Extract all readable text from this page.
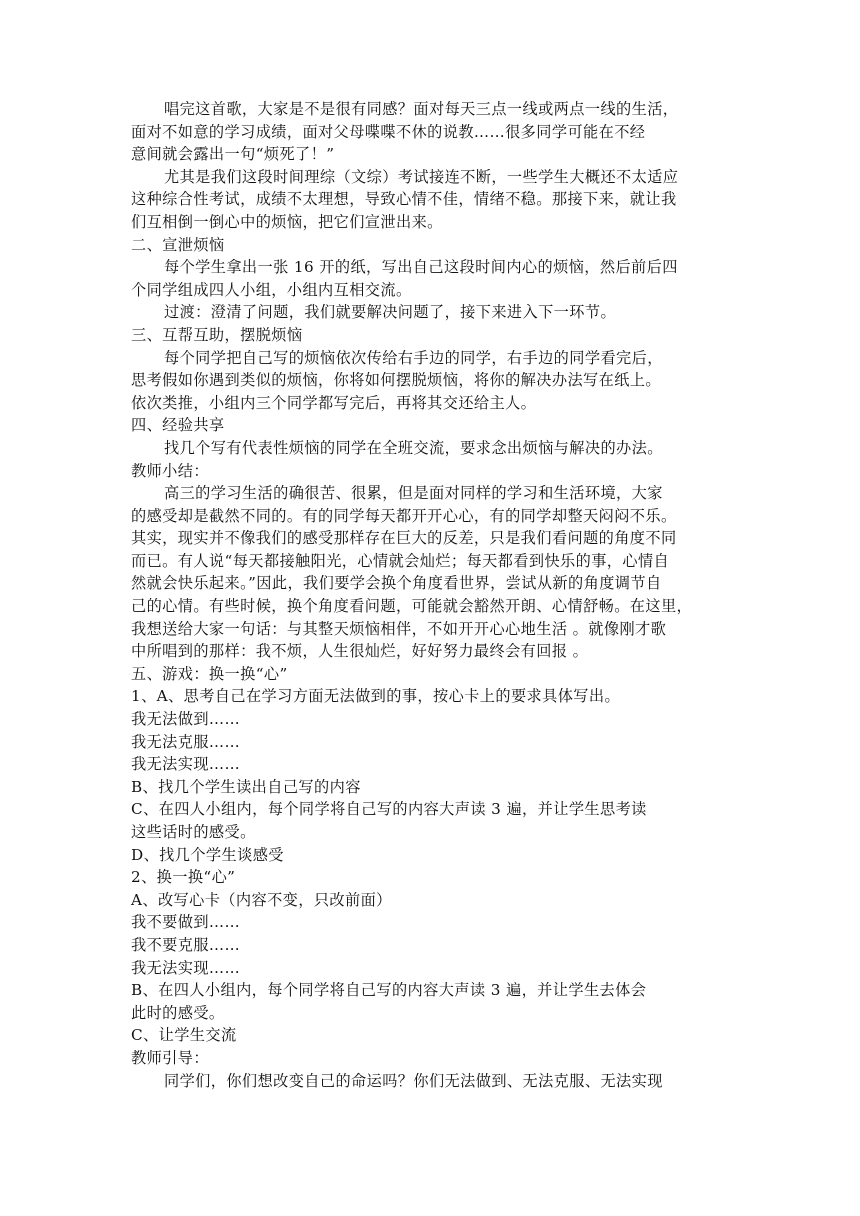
唱完这首歌，大家是不是很有同感？面对每天三点一线或两点一线的生活，
面对不如意的学习成绩，面对父母喋喋不休的说教……很多同学可能在不经
意间就会露出一句“烦死了！”
尤其是我们这段时间理综（文综）考试接连不断，一些学生大概还不太适应
这种综合性考试，成绩不太理想，导致心情不佳，情绪不稳。那接下来，就让我
们互相倒一倒心中的烦恼，把它们宣泄出来。
二、宣泄烦恼
每个学生拿出一张 16 开的纸，写出自己这段时间内心的烦恼，然后前后四
个同学组成四人小组，小组内互相交流。
过渡：澄清了问题，我们就要解决问题了，接下来进入下一环节。
三、互帮互助，摆脱烦恼
每个同学把自己写的烦恼依次传给右手边的同学，右手边的同学看完后，
思考假如你遇到类似的烦恼，你将如何摆脱烦恼，将你的解决办法写在纸上。
依次类推，小组内三个同学都写完后，再将其交还给主人。
四、经验共享
找几个写有代表性烦恼的同学在全班交流，要求念出烦恼与解决的办法。
教师小结：
高三的学习生活的确很苦、很累，但是面对同样的学习和生活环境，大家
的感受却是截然不同的。有的同学每天都开开心心，有的同学却整天闷闷不乐。
其实，现实并不像我们的感受那样存在巨大的反差，只是我们看问题的角度不同
而已。有人说“每天都接触阳光，心情就会灿烂；每天都看到快乐的事，心情自
然就会快乐起来。”因此，我们要学会换个角度看世界，尝试从新的角度调节自
己的心情。有些时候，换个角度看问题，可能就会豁然开朗、心情舒畅。在这里，
我想送给大家一句话：与其整天烦恼相伴，不如开开心心地生活 。就像刚才歌
中所唱到的那样：我不烦，人生很灿烂，好好努力最终会有回报 。
五、游戏：换一换“心”
1、A、思考自己在学习方面无法做到的事，按心卡上的要求具体写出。
我无法做到……
我无法克服……
我无法实现……
B、找几个学生读出自己写的内容
C、在四人小组内，每个同学将自己写的内容大声读 3 遍，并让学生思考读
这些话时的感受。
D、找几个学生谈感受
2、换一换“心”
A、改写心卡（内容不变，只改前面）
我不要做到……
我不要克服……
我无法实现……
B、在四人小组内，每个同学将自己写的内容大声读 3 遍，并让学生去体会
此时的感受。
C、让学生交流
教师引导：
同学们，你们想改变自己的命运吗？你们无法做到、无法克服、无法实现
